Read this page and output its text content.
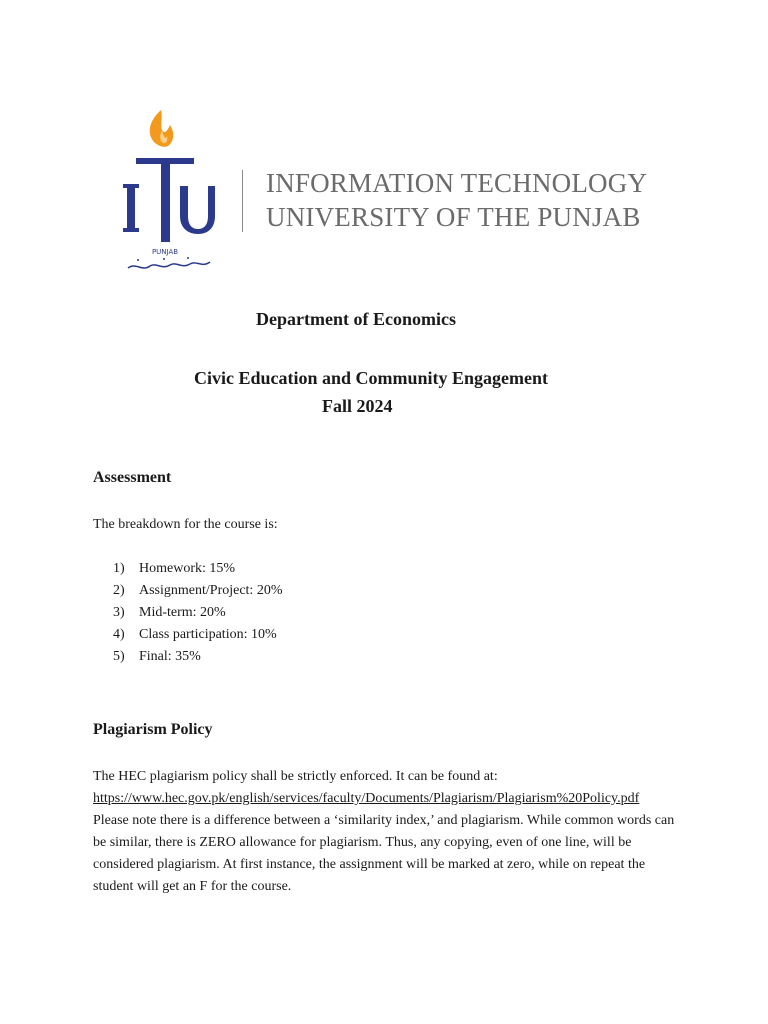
PUNJAB
INFORMATION TECHNOLOGY
UNIVERSITY OF THE PUNJAB
Department of Economics
Civic Education and Community Engagement
Fall 2024
Assessment
The breakdown for the course is:
1)	Homework: 15%
2)	Assignment/Project: 20%
3)	Mid-term: 20%
4)	Class participation: 10%
5)	Final: 35%
Plagiarism Policy
The HEC plagiarism policy shall be strictly enforced. It can be found at:
https://www.hec.gov.pk/english/services/faculty/Documents/Plagiarism/Plagiarism%20Policy.pdf
Please note there is a difference between a ‘similarity index,’ and plagiarism. While common words can be similar, there is ZERO allowance for plagiarism. Thus, any copying, even of one line, will be considered plagiarism. At first instance, the assignment will be marked at zero, while on repeat the student will get an F for the course.
